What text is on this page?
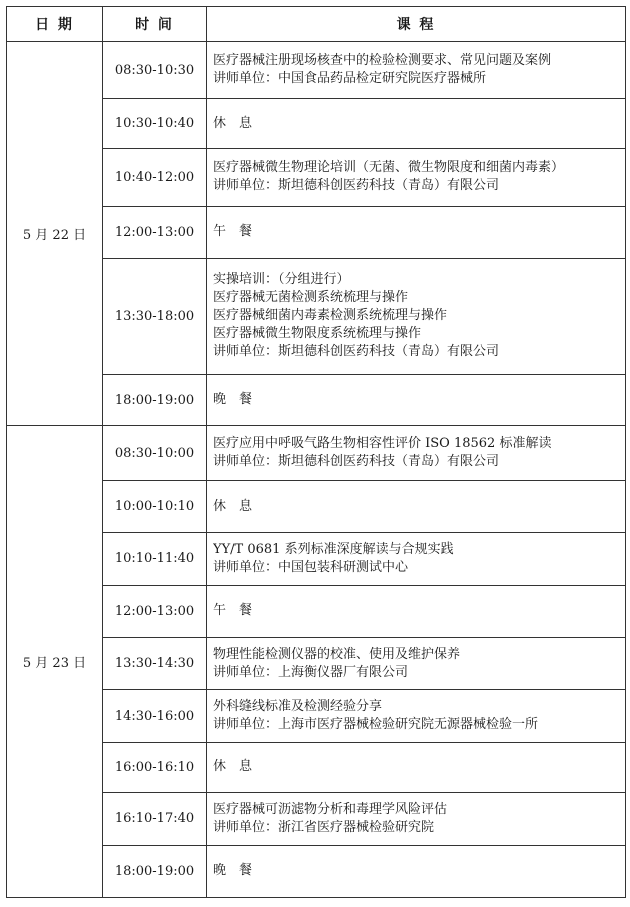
日 期	时 间	课 程
5 月 22 日	08:30-10:30	医疗器械注册现场核查中的检验检测要求、常见问题及案例
讲师单位：中国食品药品检定研究院医疗器械所

	10:30-10:40	休息

	10:40-12:00	医疗器械微生物理论培训（无菌、微生物限度和细菌内毒素）
讲师单位：斯坦德科创医药科技（青岛）有限公司

	12:00-13:00	午餐

	13:30-18:00	实操培训：（分组进行）
医疗器械无菌检测系统梳理与操作
医疗器械细菌内毒素检测系统梳理与操作
医疗器械微生物限度系统梳理与操作
讲师单位：斯坦德科创医药科技（青岛）有限公司

	18:00-19:00	晚餐

5 月 23 日	08:30-10:00	医疗应用中呼吸气路生物相容性评价 ISO 18562 标准解读
讲师单位：斯坦德科创医药科技（青岛）有限公司

	10:00-10:10	休息

	10:10-11:40	YY/T 0681 系列标准深度解读与合规实践
讲师单位：中国包装科研测试中心

	12:00-13:00	午餐

	13:30-14:30	物理性能检测仪器的校准、使用及维护保养
讲师单位：上海衡仪器厂有限公司

	14:30-16:00	外科缝线标准及检测经验分享
讲师单位：上海市医疗器械检验研究院无源器械检验一所

	16:00-16:10	休息

	16:10-17:40	医疗器械可沥滤物分析和毒理学风险评估
讲师单位：浙江省医疗器械检验研究院

	18:00-19:00	晚餐
